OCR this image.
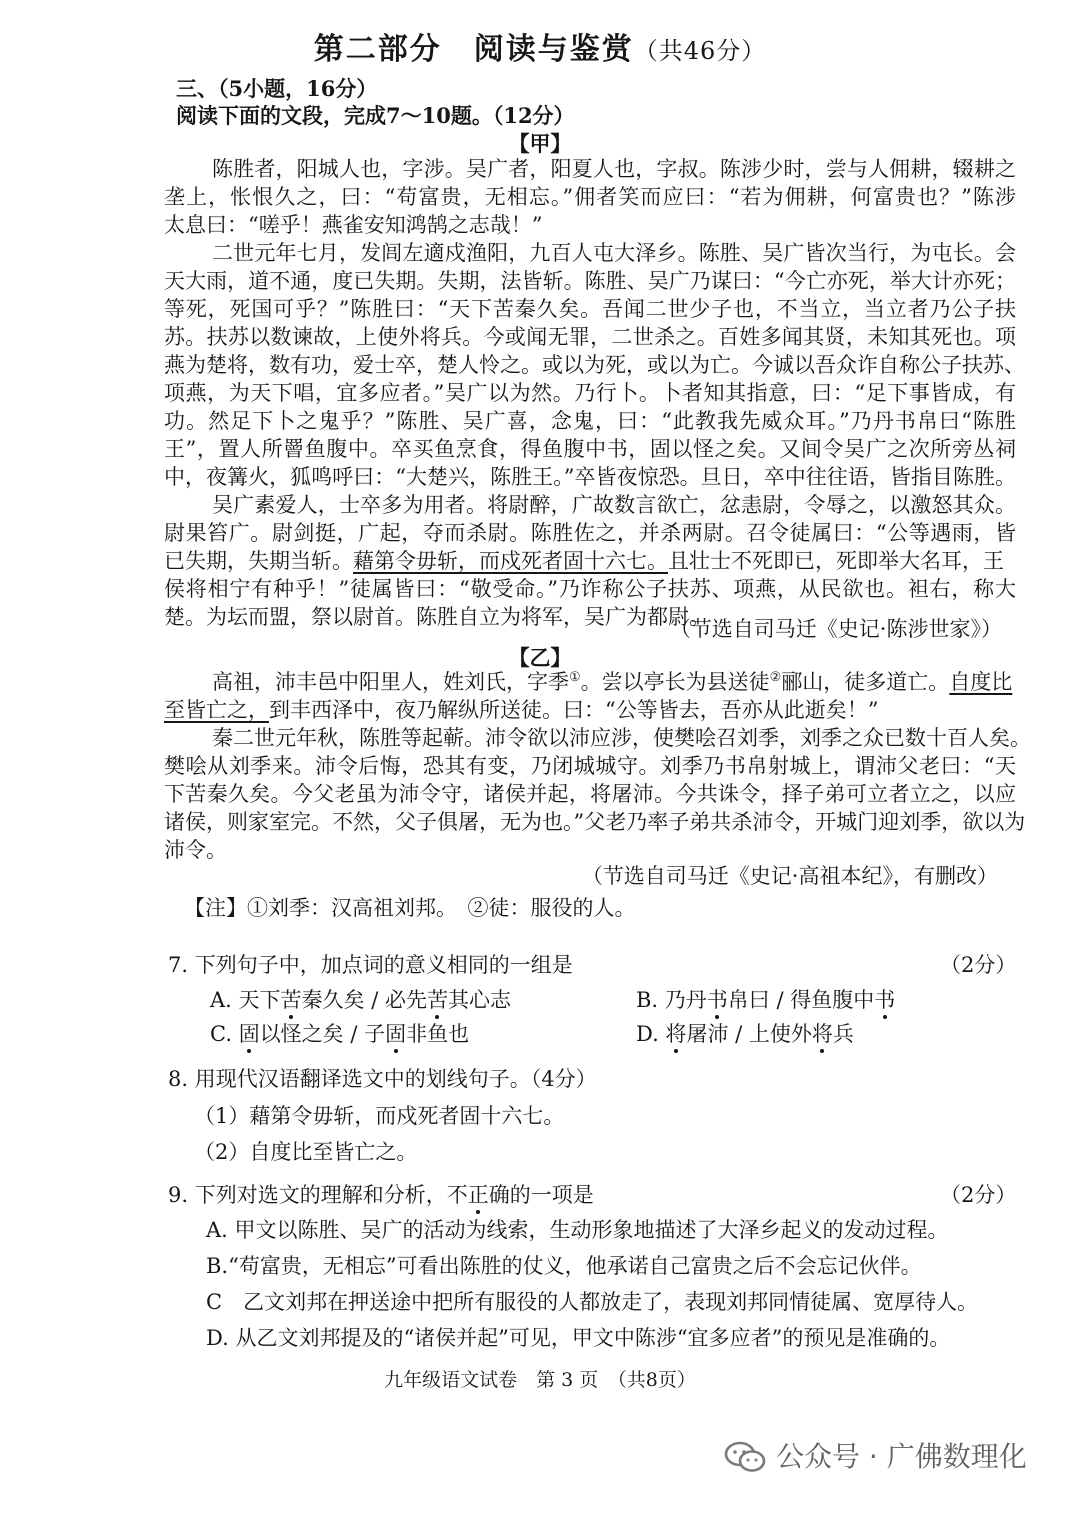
第二部分　阅读与鉴赏（共46分）
三、（5小题，16分）
阅读下面的文段，完成7～10题。（12分）
【甲】
陈胜者，阳城人也，字涉。吴广者，阳夏人也，字叔。陈涉少时，尝与人佣耕，辍耕之
垄上，怅恨久之，曰：“苟富贵，无相忘。”佣者笑而应曰：“若为佣耕，何富贵也？”陈涉
太息曰：“嗟乎！燕雀安知鸿鹄之志哉！”
二世元年七月，发闾左適戍渔阳，九百人屯大泽乡。陈胜、吴广皆次当行，为屯长。会
天大雨，道不通，度已失期。失期，法皆斩。陈胜、吴广乃谋曰：“今亡亦死，举大计亦死；
等死，死国可乎？”陈胜曰：“天下苦秦久矣。吾闻二世少子也，不当立，当立者乃公子扶
苏。扶苏以数谏故，上使外将兵。今或闻无罪，二世杀之。百姓多闻其贤，未知其死也。项
燕为楚将，数有功，爱士卒，楚人怜之。或以为死，或以为亡。今诚以吾众诈自称公子扶苏、
项燕，为天下唱，宜多应者。”吴广以为然。乃行卜。卜者知其指意，曰：“足下事皆成，有
功。然足下卜之鬼乎？”陈胜、吴广喜，念鬼，曰：“此教我先威众耳。”乃丹书帛曰“陈胜
王”，置人所罾鱼腹中。卒买鱼烹食，得鱼腹中书，固以怪之矣。又间令吴广之次所旁丛祠
中，夜篝火，狐鸣呼曰：“大楚兴，陈胜王。”卒皆夜惊恐。旦日，卒中往往语，皆指目陈胜。
吴广素爱人，士卒多为用者。将尉醉，广故数言欲亡，忿恚尉，令辱之，以激怒其众。
尉果笞广。尉剑挺，广起，夺而杀尉。陈胜佐之，并杀两尉。召令徒属曰：“公等遇雨，皆
已失期，失期当斩。藉第令毋斩，而戍死者固十六七。且壮士不死即已，死即举大名耳，王
侯将相宁有种乎！”徒属皆曰：“敬受命。”乃诈称公子扶苏、项燕，从民欲也。袒右，称大
楚。为坛而盟，祭以尉首。陈胜自立为将军，吴广为都尉。
（节选自司马迁《史记·陈涉世家》）
【乙】
高祖，沛丰邑中阳里人，姓刘氏，字季①。尝以亭长为县送徒②郦山，徒多道亡。自度比
至皆亡之，到丰西泽中，夜乃解纵所送徒。曰：“公等皆去，吾亦从此逝矣！”
秦二世元年秋，陈胜等起蕲。沛令欲以沛应涉，使樊哙召刘季，刘季之众已数十百人矣。
樊哙从刘季来。沛令后悔，恐其有变，乃闭城城守。刘季乃书帛射城上，谓沛父老曰：“天
下苦秦久矣。今父老虽为沛令守，诸侯并起，将屠沛。今共诛令，择子弟可立者立之，以应
诸侯，则家室完。不然，父子俱屠，无为也。”父老乃率子弟共杀沛令，开城门迎刘季，欲以为
沛令。
（节选自司马迁《史记·高祖本纪》，有删改）
【注】①刘季：汉高祖刘邦。　②徒：服役的人。
7. 下列句子中，加点词的意义相同的一组是	（2分）
A. 天下苦秦久矣 / 必先苦其心志	B. 乃丹书帛曰 / 得鱼腹中书
C. 固以怪之矣 / 子固非鱼也	D. 将屠沛 / 上使外将兵
8. 用现代汉语翻译选文中的划线句子。（4分）
（1）藉第令毋斩，而戍死者固十六七。
（2）自度比至皆亡之。
9. 下列对选文的理解和分析，不正确的一项是	（2分）
A. 甲文以陈胜、吴广的活动为线索，生动形象地描述了大泽乡起义的发动过程。
B.“苟富贵，无相忘”可看出陈胜的仗义，他承诺自己富贵之后不会忘记伙伴。
C　乙文刘邦在押送途中把所有服役的人都放走了，表现刘邦同情徒属、宽厚待人。
D. 从乙文刘邦提及的“诸侯并起”可见，甲文中陈涉“宜多应者”的预见是准确的。
九年级语文试卷　第 3 页　（共8页）
公众号 · 广佛数理化
